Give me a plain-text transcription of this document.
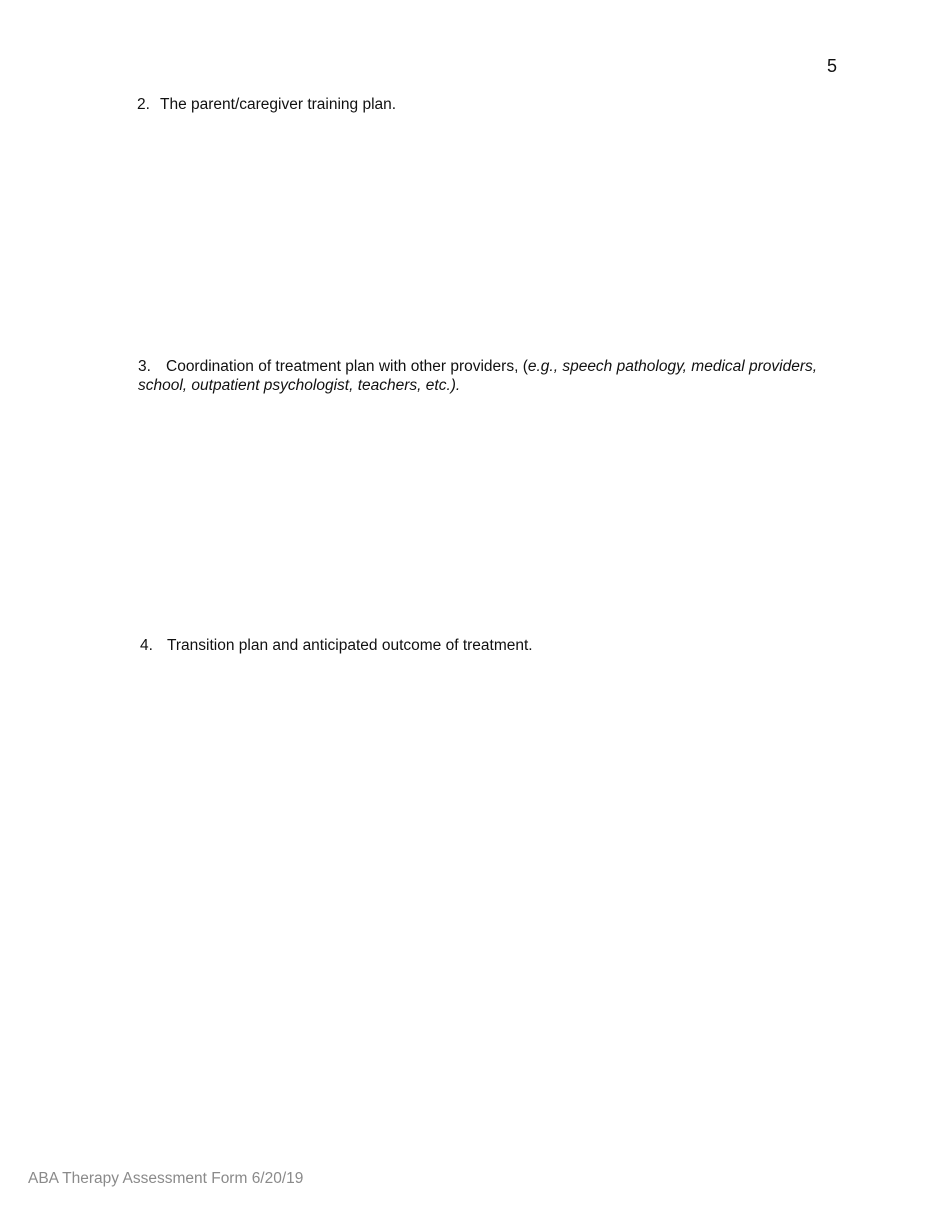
5
2. The parent/caregiver training plan.
3. Coordination of treatment plan with other providers, (e.g., speech pathology, medical providers, school, outpatient psychologist, teachers, etc.).
4. Transition plan and anticipated outcome of treatment.
ABA Therapy Assessment Form 6/20/19
